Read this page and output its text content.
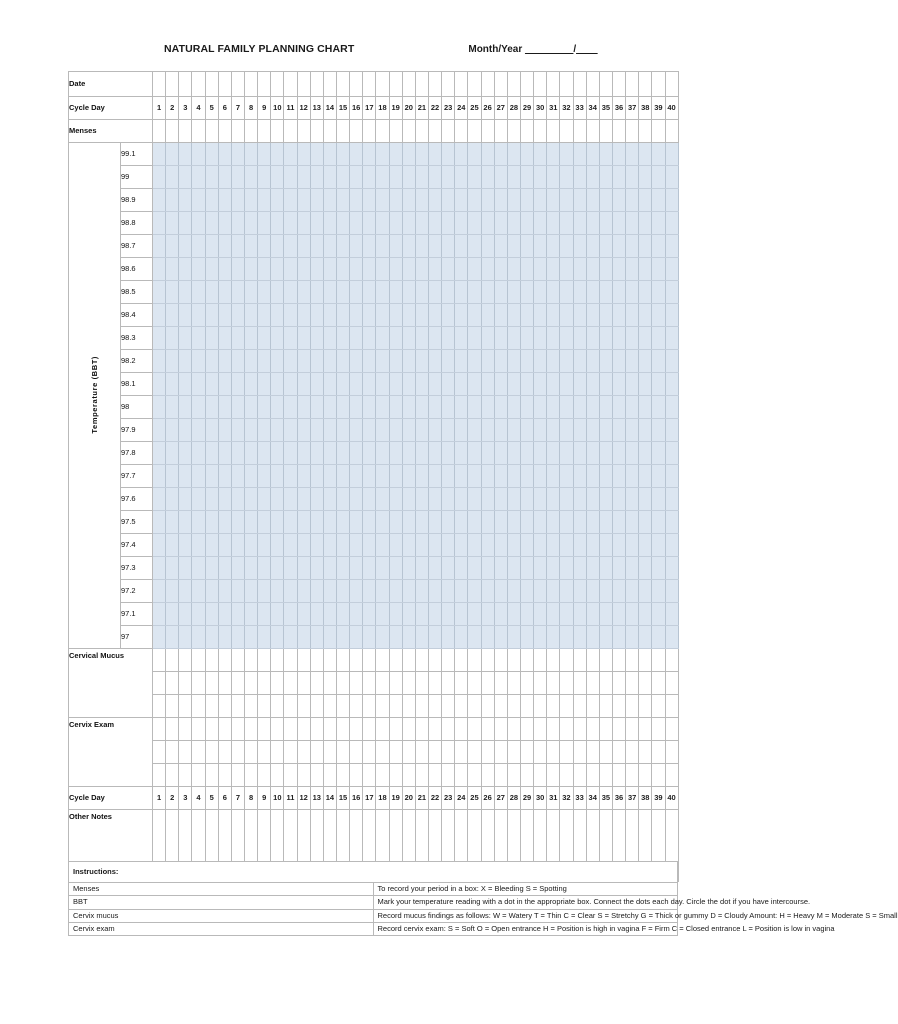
NATURAL FAMILY PLANNING CHART	Month/Year _________/____
Date																																									
Cycle Day		1	2	3	4	5	6	7	8	9	10	11	12	13	14	15	16	17	18	19	20	21	22	23	24	25	26	27	28	29	30	31	32	33	34	35	36	37	38	39	40
Menses																																									
Temperature (BBT)	99.1																																								
	99																																								
	98.9																																								
	98.8																																								
	98.7																																								
	98.6																																								
	98.5																																								
	98.4																																								
	98.3																																								
	98.2																																								
	98.1																																								
	98																																								
	97.9																																								
	97.8																																								
	97.7																																								
	97.6																																								
	97.5																																								
	97.4																																								
	97.3																																								
	97.2																																								
	97.1																																								
	97																																								
Cervical Mucus																																									

Cervix Exam																																									

Cycle Day		1	2	3	4	5	6	7	8	9	10	11	12	13	14	15	16	17	18	19	20	21	22	23	24	25	26	27	28	29	30	31	32	33	34	35	36	37	38	39	40
Other Notes																																									
Instructions:	
Menses	To record your period in a box: X = Bleeding S = Spotting
BBT	Mark your temperature reading with a dot in the appropriate box. Connect the dots each day. Circle the dot if you have intercourse.
Cervix mucus	Record mucus findings as follows: W = Watery T = Thin C = Clear S = Stretchy G = Thick or gummy D = Cloudy Amount: H = Heavy M = Moderate S = Small
Cervix exam	Record cervix exam: S = Soft O = Open entrance H = Position is high in vagina F = Firm C = Closed entrance L = Position is low in vagina
